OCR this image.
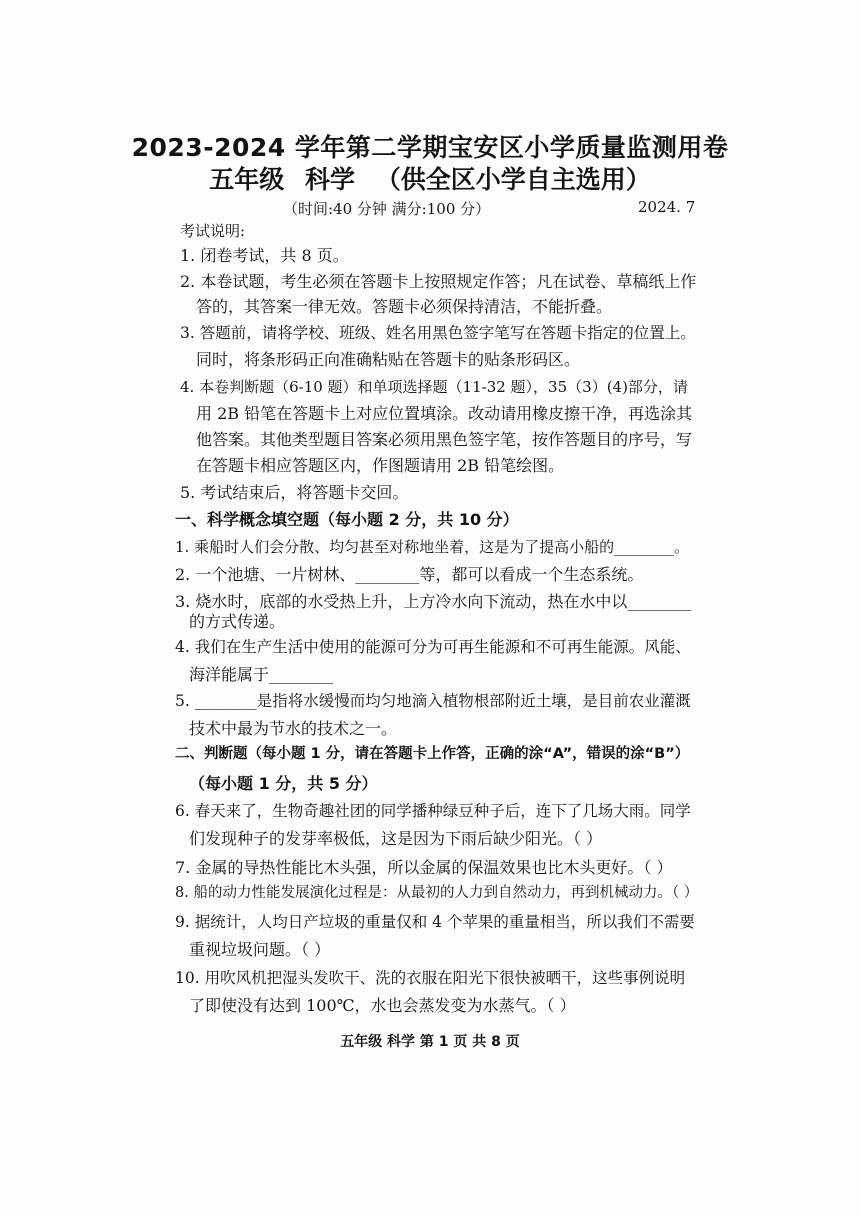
2023-2024 学年第二学期宝安区小学质量监测用卷
五年级 科学 （供全区小学自主选用）
（时间:40 分钟 满分:100 分）	2024. 7
考试说明:
1. 闭卷考试，共 8 页。
2. 本卷试题，考生必须在答题卡上按照规定作答；凡在试卷、草稿纸上作
答的，其答案一律无效。答题卡必须保持清洁，不能折叠。
3. 答题前，请将学校、班级、姓名用黑色签字笔写在答题卡指定的位置上。
同时，将条形码正向准确粘贴在答题卡的贴条形码区。
4. 本卷判断题（6-10 题）和单项选择题（11-32 题），35（3）(4)部分，请
用 2B 铅笔在答题卡上对应位置填涂。改动请用橡皮擦干净，再选涂其
他答案。其他类型题目答案必须用黑色签字笔，按作答题目的序号，写
在答题卡相应答题区内，作图题请用 2B 铅笔绘图。
5. 考试结束后，将答题卡交回。
一、科学概念填空题（每小题 2 分，共 10 分）
1. 乘船时人们会分散、均匀甚至对称地坐着，这是为了提高小船的________。
2. 一个池塘、一片树林、________等，都可以看成一个生态系统。
3. 烧水时，底部的水受热上升，上方冷水向下流动，热在水中以________
的方式传递。
4. 我们在生产生活中使用的能源可分为可再生能源和不可再生能源。风能、
海洋能属于________
5. ________是指将水缓慢而均匀地滴入植物根部附近土壤，是目前农业灌溉
技术中最为节水的技术之一。
二、判断题（每小题 1 分，请在答题卡上作答，正确的涂“A”，错误的涂“B”）
（每小题 1 分，共 5 分）
6. 春天来了，生物奇趣社团的同学播种绿豆种子后，连下了几场大雨。同学
们发现种子的发芽率极低，这是因为下雨后缺少阳光。（ ）
7. 金属的导热性能比木头强，所以金属的保温效果也比木头更好。（ ）
8. 船的动力性能发展演化过程是：从最初的人力到自然动力，再到机械动力。（ ）
9. 据统计，人均日产垃圾的重量仅和 4 个苹果的重量相当，所以我们不需要
重视垃圾问题。（ ）
10. 用吹风机把湿头发吹干、洗的衣服在阳光下很快被晒干，这些事例说明
了即使没有达到 100℃，水也会蒸发变为水蒸气。（ ）
五年级 科学 第 1 页 共 8 页
